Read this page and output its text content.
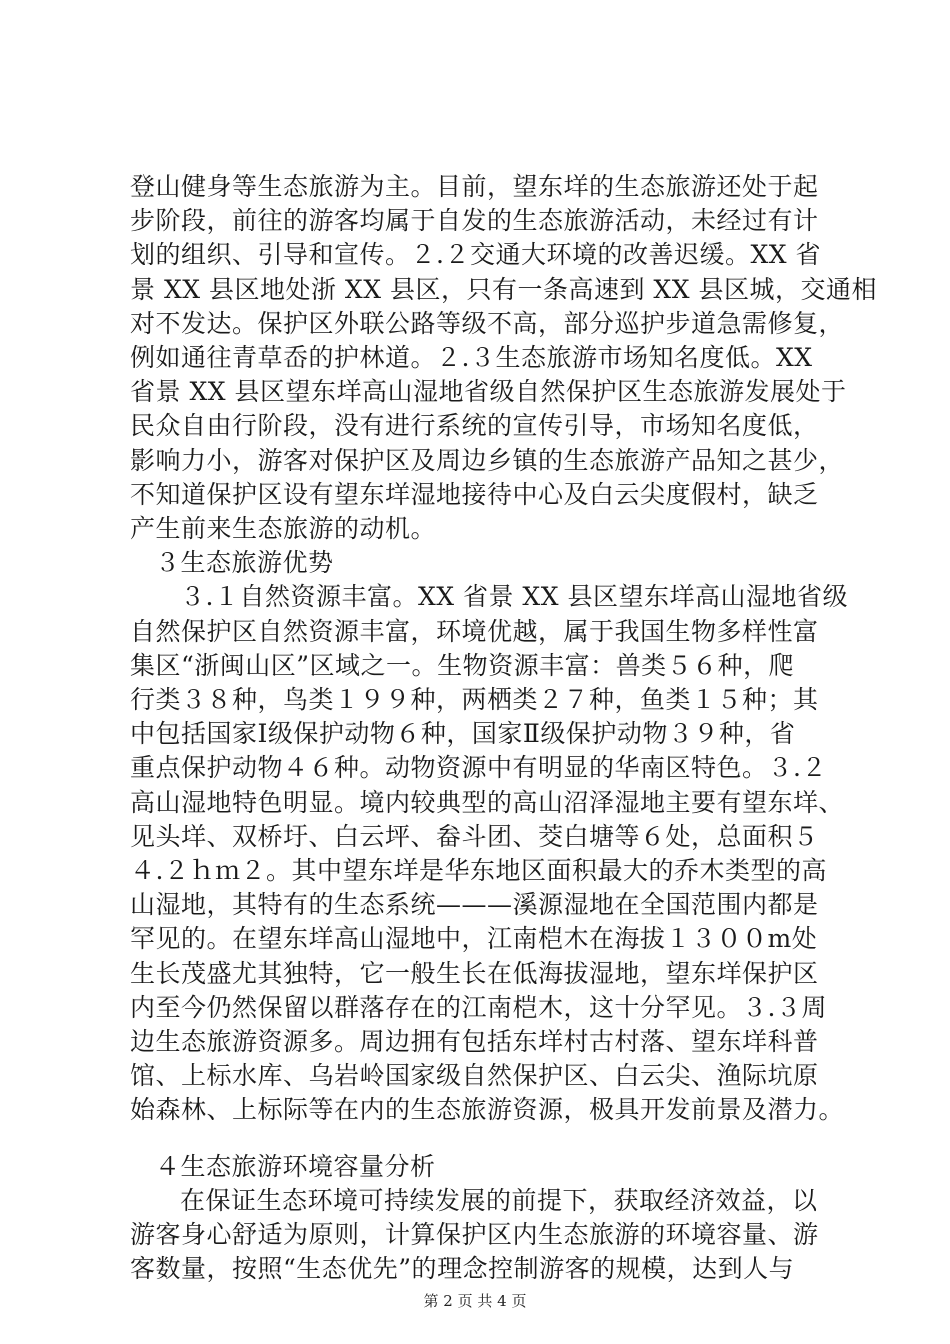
登山健身等生态旅游为主。目前，望东垟的生态旅游还处于起
步阶段，前往的游客均属于自发的生态旅游活动，未经过有计
划的组织、引导和宣传。２.２交通大环境的改善迟缓。XX 省
景 XX 县区地处浙 XX 县区，只有一条高速到 XX 县区城，交通相
对不发达。保护区外联公路等级不高，部分巡护步道急需修复，
例如通往青草岙的护林道。２.３生态旅游市场知名度低。XX
省景 XX 县区望东垟高山湿地省级自然保护区生态旅游发展处于
民众自由行阶段，没有进行系统的宣传引导，市场知名度低，
影响力小，游客对保护区及周边乡镇的生态旅游产品知之甚少，
不知道保护区设有望东垟湿地接待中心及白云尖度假村，缺乏
产生前来生态旅游的动机。
３生态旅游优势
３.１自然资源丰富。XX 省景 XX 县区望东垟高山湿地省级
自然保护区自然资源丰富，环境优越，属于我国生物多样性富
集区“浙闽山区”区域之一。生物资源丰富：兽类５６种，爬
行类３８种，鸟类１９９种，两栖类２７种，鱼类１５种；其
中包括国家Ⅰ级保护动物６种，国家Ⅱ级保护动物３９种，省
重点保护动物４６种。动物资源中有明显的华南区特色。３.２
高山湿地特色明显。境内较典型的高山沼泽湿地主要有望东垟、
见头垟、双桥圩、白云坪、畚斗团、茭白塘等６处，总面积５
４.２ｈｍ２。其中望东垟是华东地区面积最大的乔木类型的高
山湿地，其特有的生态系统———溪源湿地在全国范围内都是
罕见的。在望东垟高山湿地中，江南桤木在海拔１３００m处
生长茂盛尤其独特，它一般生长在低海拔湿地，望东垟保护区
内至今仍然保留以群落存在的江南桤木，这十分罕见。３.３周
边生态旅游资源多。周边拥有包括东垟村古村落、望东垟科普
馆、上标水库、乌岩岭国家级自然保护区、白云尖、渔际坑原
始森林、上标际等在内的生态旅游资源，极具开发前景及潜力。
４生态旅游环境容量分析
在保证生态环境可持续发展的前提下，获取经济效益，以
第 2 页 共 4 页
游客身心舒适为原则，计算保护区内生态旅游的环境容量、游
客数量，按照“生态优先”的理念控制游客的规模，达到人与
